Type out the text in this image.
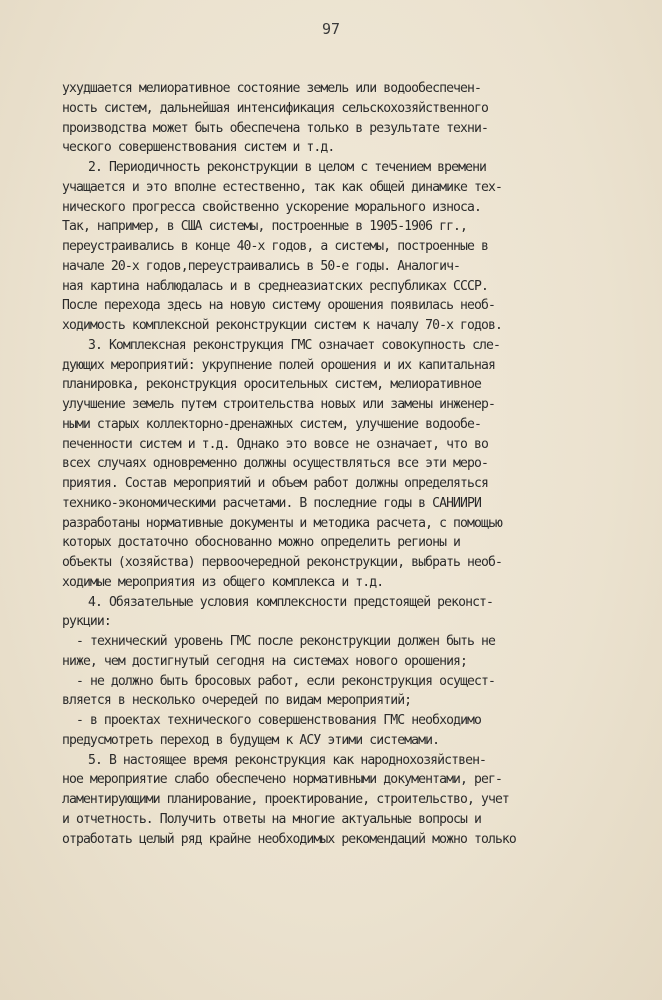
97
ухудшается мелиоративное состояние земель или водообеспечен-
ность систем, дальнейшая интенсификация сельскохозяйственного
производства может быть обеспечена только в результате техни-
ческого совершенствования систем и т.д.
2. Периодичность реконструкции в целом с течением времени
учащается и это вполне естественно, так как общей динамике тех-
нического прогресса свойственно ускорение морального износа.
Так, например, в США системы, построенные в 1905-1906 гг.,
переустраивались в конце 40-х годов, а системы, построенные в
начале 20-х годов,переустраивались в 50-е годы. Аналогич-
ная картина наблюдалась и в среднеазиатских республиках СССР.
После перехода здесь на новую систему орошения появилась необ-
ходимость комплексной реконструкции систем к началу 70-х годов.
3. Комплексная реконструкция ГМС означает совокупность сле-
дующих мероприятий: укрупнение полей орошения и их капитальная
планировка, реконструкция оросительных систем, мелиоративное
улучшение земель путем строительства новых или замены инженер-
ными старых коллекторно-дренажных систем, улучшение водообе-
печенности систем и т.д. Однако это вовсе не означает, что во
всех случаях одновременно должны осуществляться все эти меро-
приятия. Состав мероприятий и объем работ должны определяться
технико-экономическими расчетами. В последние годы в САНИИРИ
разработаны нормативные документы и методика расчета, с помощью
которых достаточно обоснованно можно определить регионы и
объекты (хозяйства) первоочередной реконструкции, выбрать необ-
ходимые мероприятия из общего комплекса и т.д.
4. Обязательные условия комплексности предстоящей реконст-
рукции:
- технический уровень ГМС после реконструкции должен быть не
ниже, чем достигнутый сегодня на системах нового орошения;
- не должно быть бросовых работ, если реконструкция осущест-
вляется в несколько очередей по видам мероприятий;
- в проектах технического совершенствования ГМС необходимо
предусмотреть переход в будущем к АСУ этими системами.
5. В настоящее время реконструкция как народнохозяйствен-
ное мероприятие слабо обеспечено нормативными документами, рег-
ламентирующими планирование, проектирование, строительство, учет
и отчетность. Получить ответы на многие актуальные вопросы и
отработать целый ряд крайне необходимых рекомендаций можно только
